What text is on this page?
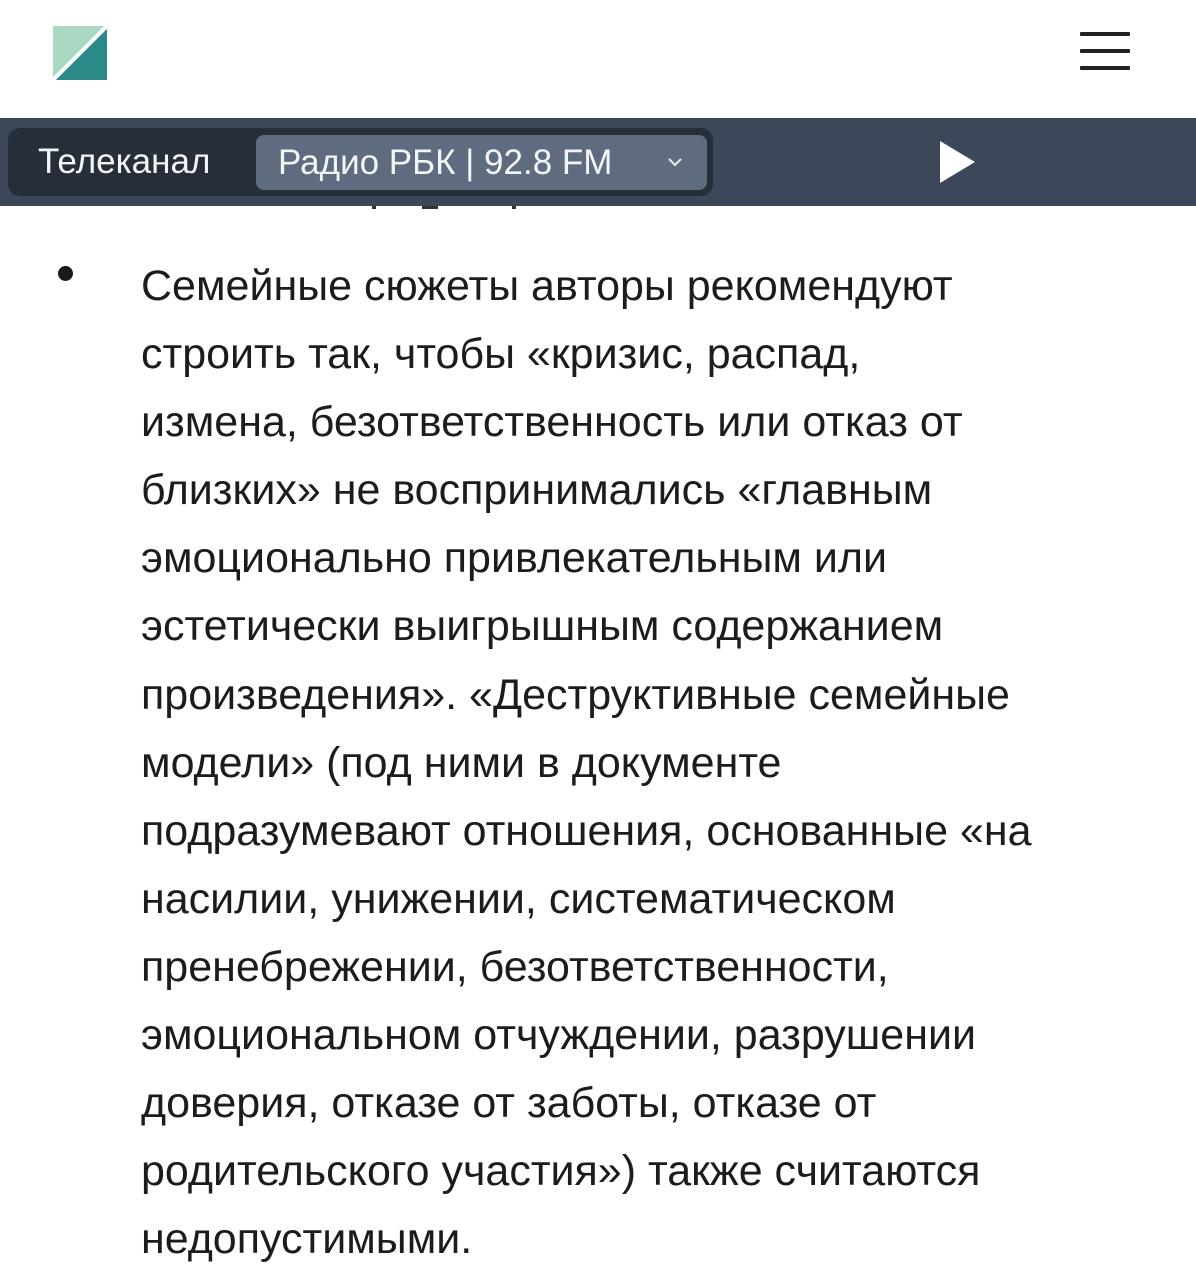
Телеканал Радио РБК | 92.8 FM

Семейные сюжеты авторы рекомендуют
строить так, чтобы «кризис, распад,
измена, безответственность или отказ от
близких» не воспринимались «главным
эмоционально привлекательным или
эстетически выигрышным содержанием
произведения». «Деструктивные семейные
модели» (под ними в документе
подразумевают отношения, основанные «на
насилии, унижении, систематическом
пренебрежении, безответственности,
эмоциональном отчуждении, разрушении
доверия, отказе от заботы, отказе от
родительского участия») также считаются
недопустимыми.
